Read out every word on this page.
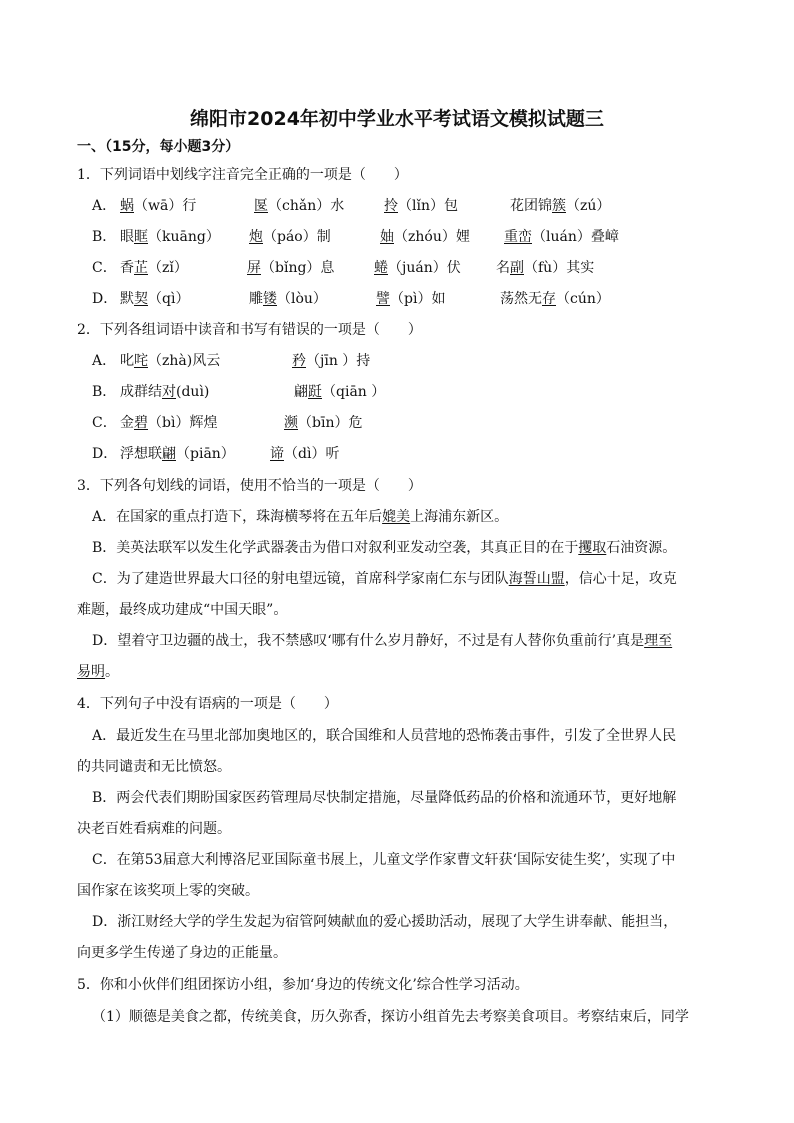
绵阳市2024年初中学业水平考试语文模拟试题三
一、（15分，每小题3分）
1．下列词语中划线字注音完全正确的一项是（　　）
A． 蜗（wā）行	匽（chǎn）水	拎（lǐn）包	花团锦簇（zú）
B． 眼眶（kuāng） 炮（páo）制	妯（zhóu）娌 重峦（luán）叠嶂
C． 香芷（zǐ）	屏（bǐng）息	蜷（juán）伏	名副（fù）其实
D． 默契（qì）	雕镂（lòu）	譬（pì）如	荡然无存（cún）
2．下列各组词语中读音和书写有错误的一项是（　　）
A． 叱咤（zhà)风云	矜（jīn ）持
B． 成群结对(duì)	翩跹（qiān ）
C． 金碧（bì）辉煌	濒（bīn）危
D． 浮想联翩（piān）	谛（dì）听
3．下列各句划线的词语，使用不恰当的一项是（　　）
A．在国家的重点打造下，珠海横琴将在五年后媲美上海浦东新区。
B．美英法联军以发生化学武器袭击为借口对叙利亚发动空袭，其真正目的在于攫取石油资源。
C．为了建造世界最大口径的射电望远镜，首席科学家南仁东与团队海誓山盟，信心十足，攻克
难题，最终成功建成“中国天眼”。
D．望着守卫边疆的战士，我不禁感叹‘哪有什么岁月静好，不过是有人替你负重前行’真是理至
易明。
4．下列句子中没有语病的一项是（　　）
A．最近发生在马里北部加奥地区的，联合国维和人员营地的恐怖袭击事件，引发了全世界人民
的共同谴责和无比愤怒。
B．两会代表们期盼国家医药管理局尽快制定措施，尽量降低药品的价格和流通环节，更好地解
决老百姓看病难的问题。
C．在第53届意大利博洛尼亚国际童书展上，儿童文学作家曹文轩获‘国际安徒生奖’，实现了中
国作家在该奖项上零的突破。
D．浙江财经大学的学生发起为宿管阿姨献血的爱心援助活动，展现了大学生讲奉献、能担当，
向更多学生传递了身边的正能量。
5．你和小伙伴们组团探访小组，参加‘身边的传统文化’综合性学习活动。
（1）顺德是美食之都，传统美食，历久弥香，探访小组首先去考察美食项目。考察结束后，同学
